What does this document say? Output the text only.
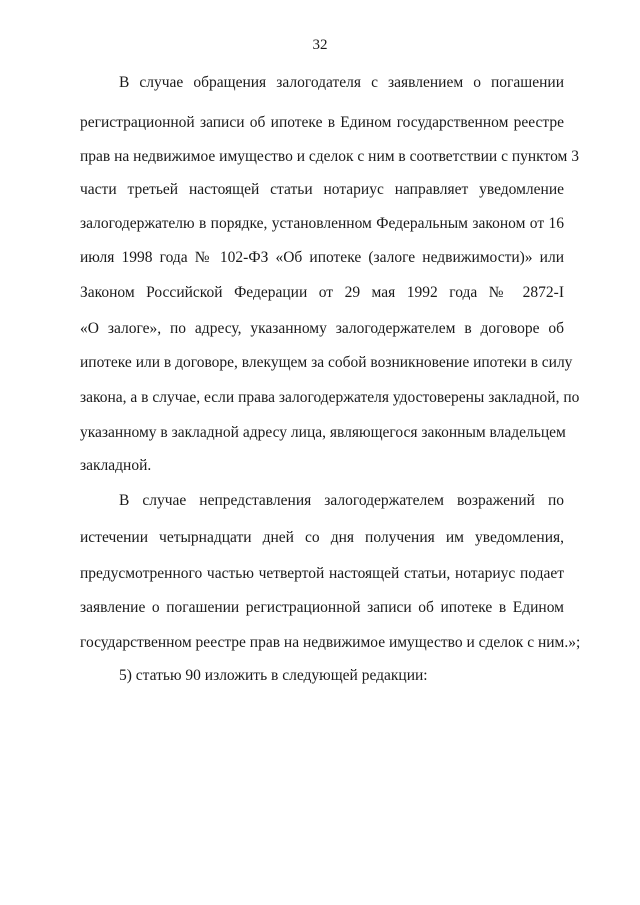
32
В случае обращения залогодателя с заявлением о погашении
регистрационной записи об ипотеке в Едином государственном реестре
прав на недвижимое имущество и сделок с ним в соответствии с пунктом 3
части третьей настоящей статьи нотариус направляет уведомление
залогодержателю в порядке, установленном Федеральным законом от 16
июля 1998 года № 102-ФЗ «Об ипотеке (залоге недвижимости)» или
Законом Российской Федерации от 29 мая 1992 года № 2872-I
«О залоге», по адресу, указанному залогодержателем в договоре об
ипотеке или в договоре, влекущем за собой возникновение ипотеки в силу
закона, а в случае, если права залогодержателя удостоверены закладной, по
указанному в закладной адресу лица, являющегося законным владельцем
закладной.
В случае непредставления залогодержателем возражений по
истечении четырнадцати дней со дня получения им уведомления,
предусмотренного частью четвертой настоящей статьи, нотариус подает
заявление о погашении регистрационной записи об ипотеке в Едином
государственном реестре прав на недвижимое имущество и сделок с ним.»;
5) статью 90 изложить в следующей редакции:
